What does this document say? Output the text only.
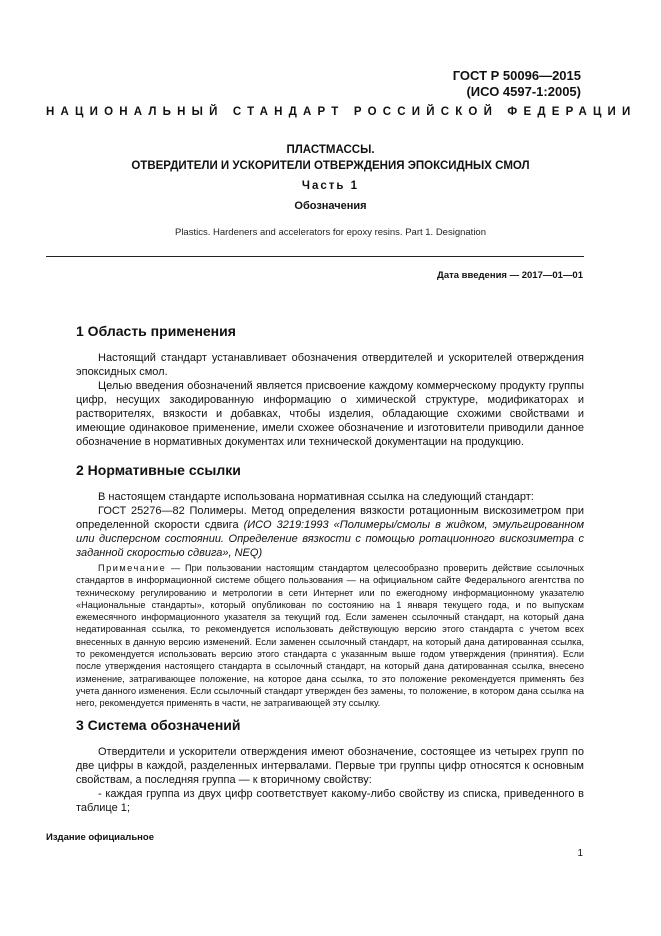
ГОСТ Р 50096—2015
(ИСО 4597-1:2005)
НАЦИОНАЛЬНЫЙ СТАНДАРТ РОССИЙСКОЙ ФЕДЕРАЦИИ
ПЛАСТМАССЫ.
ОТВЕРДИТЕЛИ И УСКОРИТЕЛИ ОТВЕРЖДЕНИЯ ЭПОКСИДНЫХ СМОЛ
Часть 1
Обозначения
Plastics. Hardeners and accelerators for epoxy resins. Part 1. Designation
Дата введения — 2017—01—01
1 Область применения
Настоящий стандарт устанавливает обозначения отвердителей и ускорителей отверждения эпоксидных смол.
Целью введения обозначений является присвоение каждому коммерческому продукту группы цифр, несущих закодированную информацию о химической структуре, модификаторах и растворителях, вязкости и добавках, чтобы изделия, обладающие схожими свойствами и имеющие одинаковое применение, имели схожее обозначение и изготовители приводили данное обозначение в нормативных документах или технической документации на продукцию.
2 Нормативные ссылки
В настоящем стандарте использована нормативная ссылка на следующий стандарт:
ГОСТ 25276—82 Полимеры. Метод определения вязкости ротационным вискозиметром при определенной скорости сдвига (ИСО 3219:1993 «Полимеры/смолы в жидком, эмульгированном или дисперсном состоянии. Определение вязкости с помощью ротационного вискозиметра с заданной скоростью сдвига», NEQ)
Примечание — При пользовании настоящим стандартом целесообразно проверить действие ссылочных стандартов в информационной системе общего пользования — на официальном сайте Федерального агентства по техническому регулированию и метрологии в сети Интернет или по ежегодному информационному указателю «Национальные стандарты», который опубликован по состоянию на 1 января текущего года, и по выпускам ежемесячного информационного указателя за текущий год. Если заменен ссылочный стандарт, на который дана недатированная ссылка, то рекомендуется использовать действующую версию этого стандарта с учетом всех внесенных в данную версию изменений. Если заменен ссылочный стандарт, на который дана датированная ссылка, то рекомендуется использовать версию этого стандарта с указанным выше годом утверждения (принятия). Если после утверждения настоящего стандарта в ссылочный стандарт, на который дана датированная ссылка, внесено изменение, затрагивающее положение, на которое дана ссылка, то это положение рекомендуется применять без учета данного изменения. Если ссылочный стандарт утвержден без замены, то положение, в котором дана ссылка на него, рекомендуется применять в части, не затрагивающей эту ссылку.
3 Система обозначений
Отвердители и ускорители отверждения имеют обозначение, состоящее из четырех групп по две цифры в каждой, разделенных интервалами. Первые три группы цифр относятся к основным свойствам, а последняя группа — к вторичному свойству:
- каждая группа из двух цифр соответствует какому-либо свойству из списка, приведенного в таблице 1;
Издание официальное
1
